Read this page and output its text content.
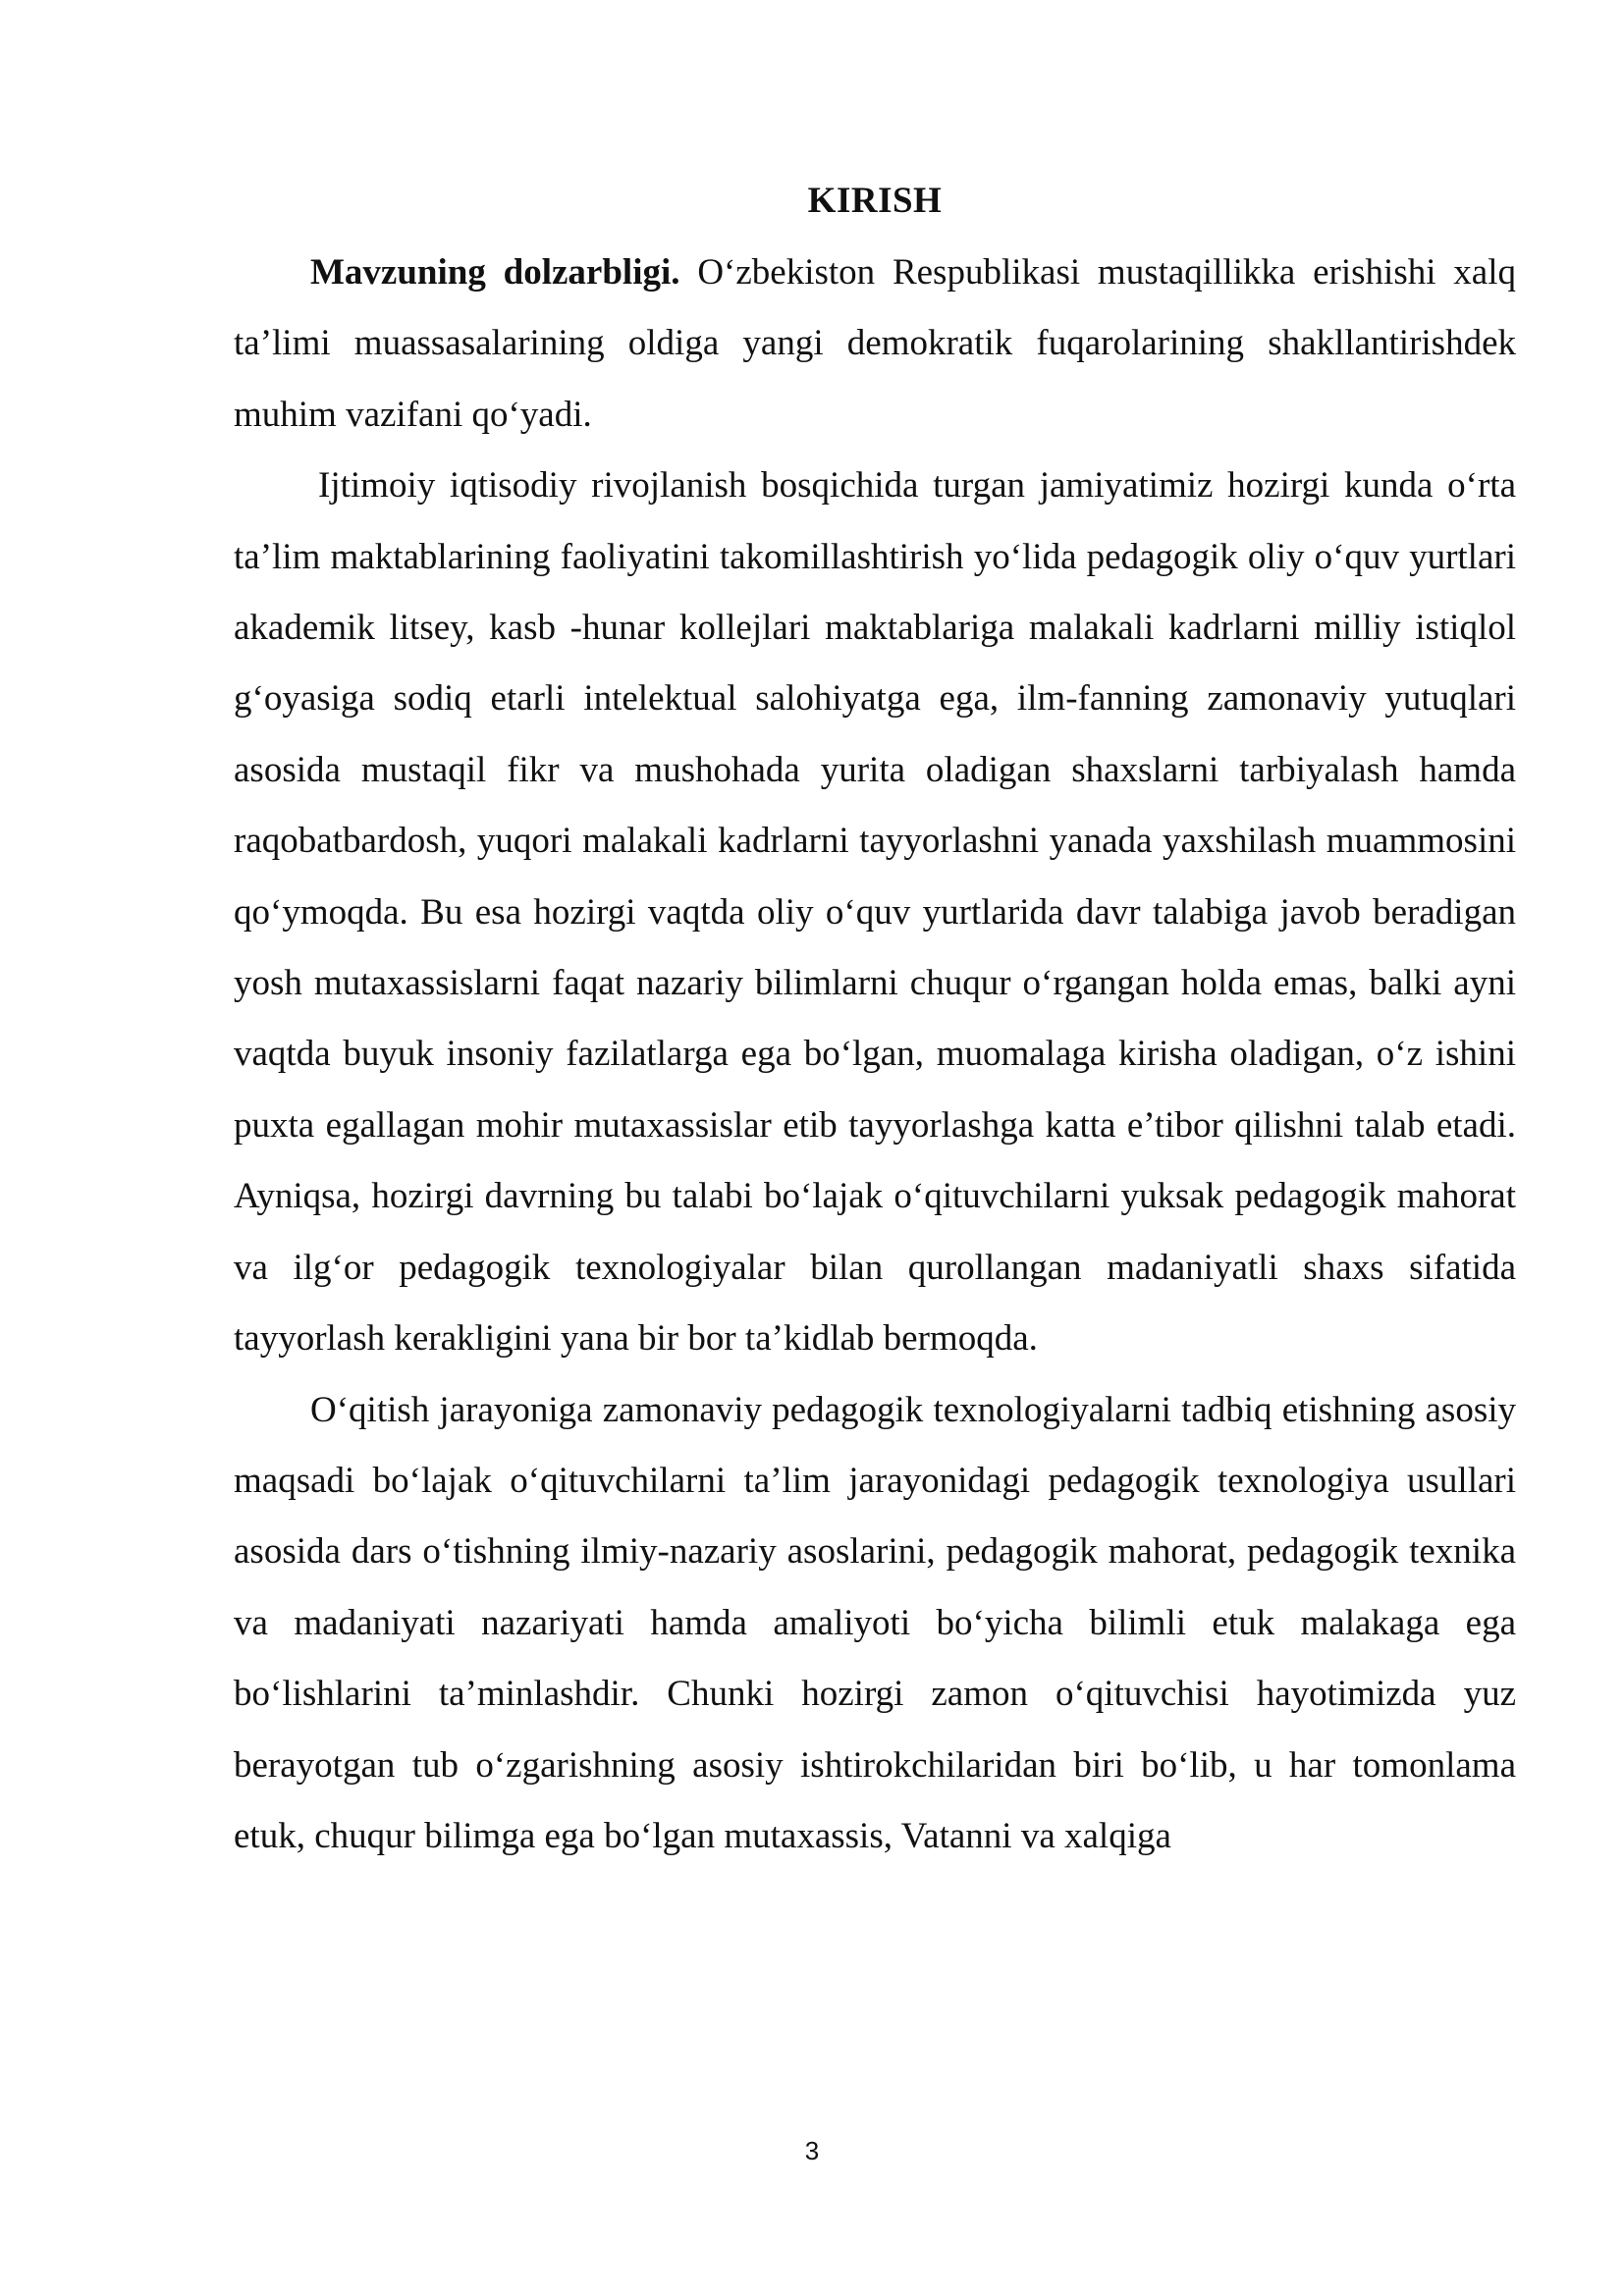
KIRISH

Mavzuning dolzarbligi. O‘zbekiston Respublikasi mustaqillikka erishishi xalq ta’limi muassasalarining oldiga yangi demokratik fuqarolarining shakllantirishdek muhim vazifani qo‘yadi.

Ijtimoiy iqtisodiy rivojlanish bosqichida turgan jamiyatimiz hozirgi kunda o‘rta ta’lim maktablarining faoliyatini takomillashtirish yo‘lida pedagogik oliy o‘quv yurtlari akademik litsey, kasb -hunar kollejlari maktablariga malakali kadrlarni milliy istiqlol g‘oyasiga sodiq etarli intelektual salohiyatga ega, ilm-fanning zamonaviy yutuqlari asosida mustaqil fikr va mushohada yurita oladigan shaxslarni tarbiyalash hamda raqobatbardosh, yuqori malakali kadrlarni tayyorlashni yanada yaxshilash muammosini qo‘ymoqda. Bu esa hozirgi vaqtda oliy o‘quv yurtlarida davr talabiga javob beradigan yosh mutaxassislarni faqat nazariy bilimlarni chuqur o‘rgangan holda emas, balki ayni vaqtda buyuk insoniy fazilatlarga ega bo‘lgan, muomalaga kirisha oladigan, o‘z ishini puxta egallagan mohir mutaxassislar etib tayyorlashga katta e’tibor qilishni talab etadi. Ayniqsa, hozirgi davrning bu talabi bo‘lajak o‘qituvchilarni yuksak pedagogik mahorat va ilg‘or pedagogik texnologiyalar bilan qurollangan madaniyatli shaxs sifatida tayyorlash kerakligini yana bir bor ta’kidlab bermoqda.

O‘qitish jarayoniga zamonaviy pedagogik texnologiyalarni tadbiq etishning asosiy maqsadi bo‘lajak o‘qituvchilarni ta’lim jarayonidagi pedagogik texnologiya usullari asosida dars o‘tishning ilmiy-nazariy asoslarini, pedagogik mahorat, pedagogik texnika va madaniyati nazariyati hamda amaliyoti bo‘yicha bilimli etuk malakaga ega bo‘lishlarini ta’minlashdir. Chunki hozirgi zamon o‘qituvchisi hayotimizda yuz berayotgan tub o‘zgarishning asosiy ishtirokchilaridan biri bo‘lib, u har tomonlama etuk, chuqur bilimga ega bo‘lgan mutaxassis, Vatanni va xalqiga

3
